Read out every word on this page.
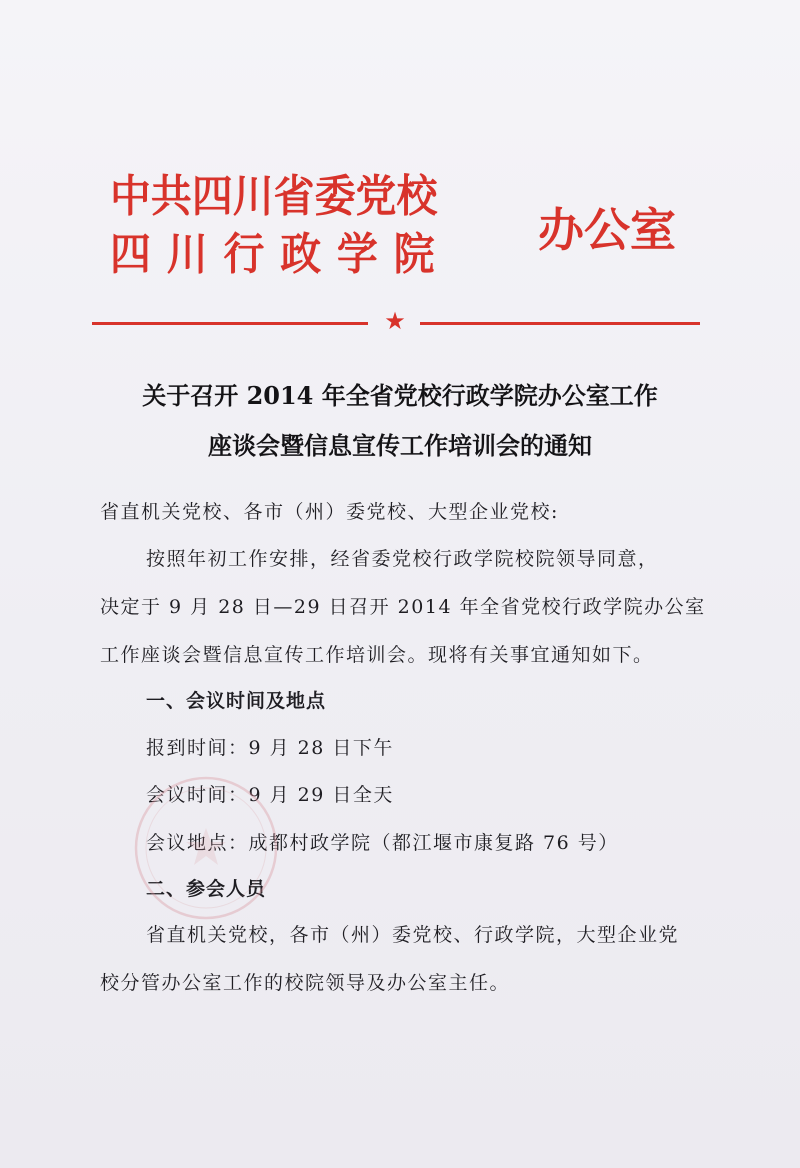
中共四川省委党校
四川行政学院 办公室
★
关于召开 2014 年全省党校行政学院办公室工作
座谈会暨信息宣传工作培训会的通知
省直机关党校、各市（州）委党校、大型企业党校:
按照年初工作安排，经省委党校行政学院校院领导同意，
决定于 9 月 28 日—29 日召开 2014 年全省党校行政学院办公室
工作座谈会暨信息宣传工作培训会。现将有关事宜通知如下。
一、会议时间及地点
报到时间：9 月 28 日下午
会议时间：9 月 29 日全天
会议地点：成都村政学院（都江堰市康复路 76 号）
二、参会人员
省直机关党校，各市（州）委党校、行政学院，大型企业党
校分管办公室工作的校院领导及办公室主任。
